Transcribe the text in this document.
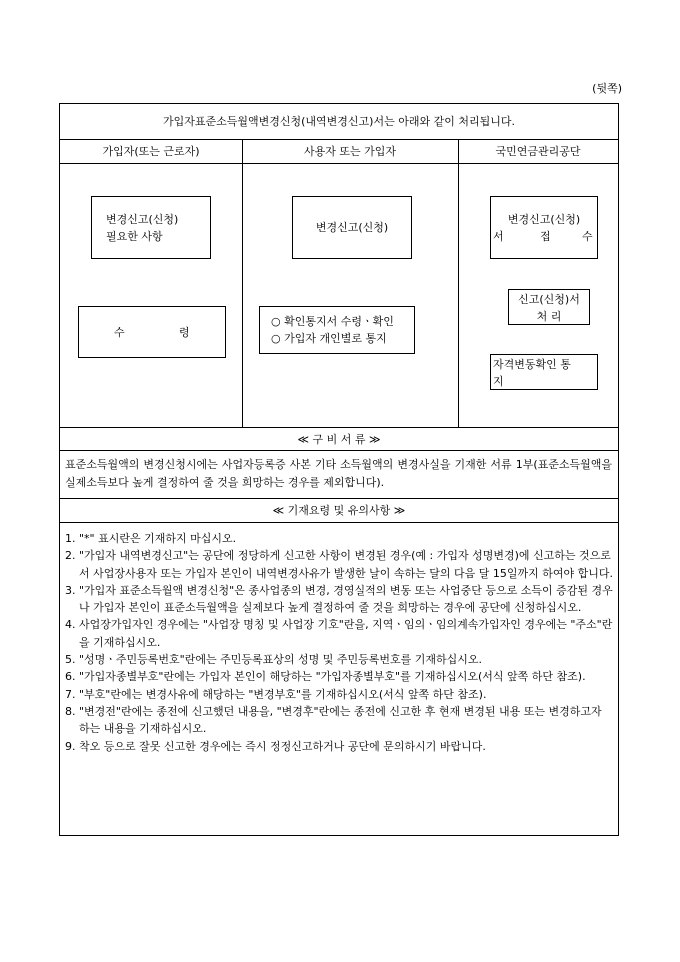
(뒷쪽)
가입자표준소득월액변경신청(내역변경신고)서는 아래와 같이 처리됩니다.
가입자(또는 근로자)	사용자 또는 가입자	국민연금관리공단
변경신고(신청)
필요한 사항
수	령
변경신고(신청)
○ 확인통지서 수령ㆍ확인
○ 가입자 개인별로 통지
변경신고(신청)
서	접	수
신고(신청)서
처 리
자격변동확인 통
지
≪ 구 비 서 류 ≫
표준소득월액의 변경신청시에는 사업자등록증 사본 기타 소득월액의 변경사실을 기재한 서류 1부(표준소득월액을 실제소득보다 높게 결정하여 줄 것을 희망하는 경우를 제외합니다).
≪ 기재요령 및 유의사항 ≫
1. "*" 표시란은 기재하지 마십시오.
2. "가입자 내역변경신고"는 공단에 정당하게 신고한 사항이 변경된 경우(예 : 가입자 성명변경)에 신고하는 것으로서 사업장사용자 또는 가입자 본인이 내역변경사유가 발생한 날이 속하는 달의 다음 달 15일까지 하여야 합니다.
3. "가입자 표준소득월액 변경신청"은 종사업종의 변경, 경영실적의 변동 또는 사업중단 등으로 소득이 증감된 경우나 가입자 본인이 표준소득월액을 실제보다 높게 결정하여 줄 것을 희망하는 경우에 공단에 신청하십시오.
4. 사업장가입자인 경우에는 "사업장 명칭 및 사업장 기호"란을, 지역ㆍ임의ㆍ임의계속가입자인 경우에는 "주소"란을 기재하십시오.
5. "성명ㆍ주민등록번호"란에는 주민등록표상의 성명 및 주민등록번호를 기재하십시오.
6. "가입자종별부호"란에는 가입자 본인이 해당하는 "가입자종별부호"를 기재하십시오(서식 앞쪽 하단 참조).
7. "부호"란에는 변경사유에 해당하는 "변경부호"를 기재하십시오(서식 앞쪽 하단 참조).
8. "변경전"란에는 종전에 신고했던 내용을, "변경후"란에는 종전에 신고한 후 현재 변경된 내용 또는 변경하고자 하는 내용을 기재하십시오.
9. 착오 등으로 잘못 신고한 경우에는 즉시 정정신고하거나 공단에 문의하시기 바랍니다.
